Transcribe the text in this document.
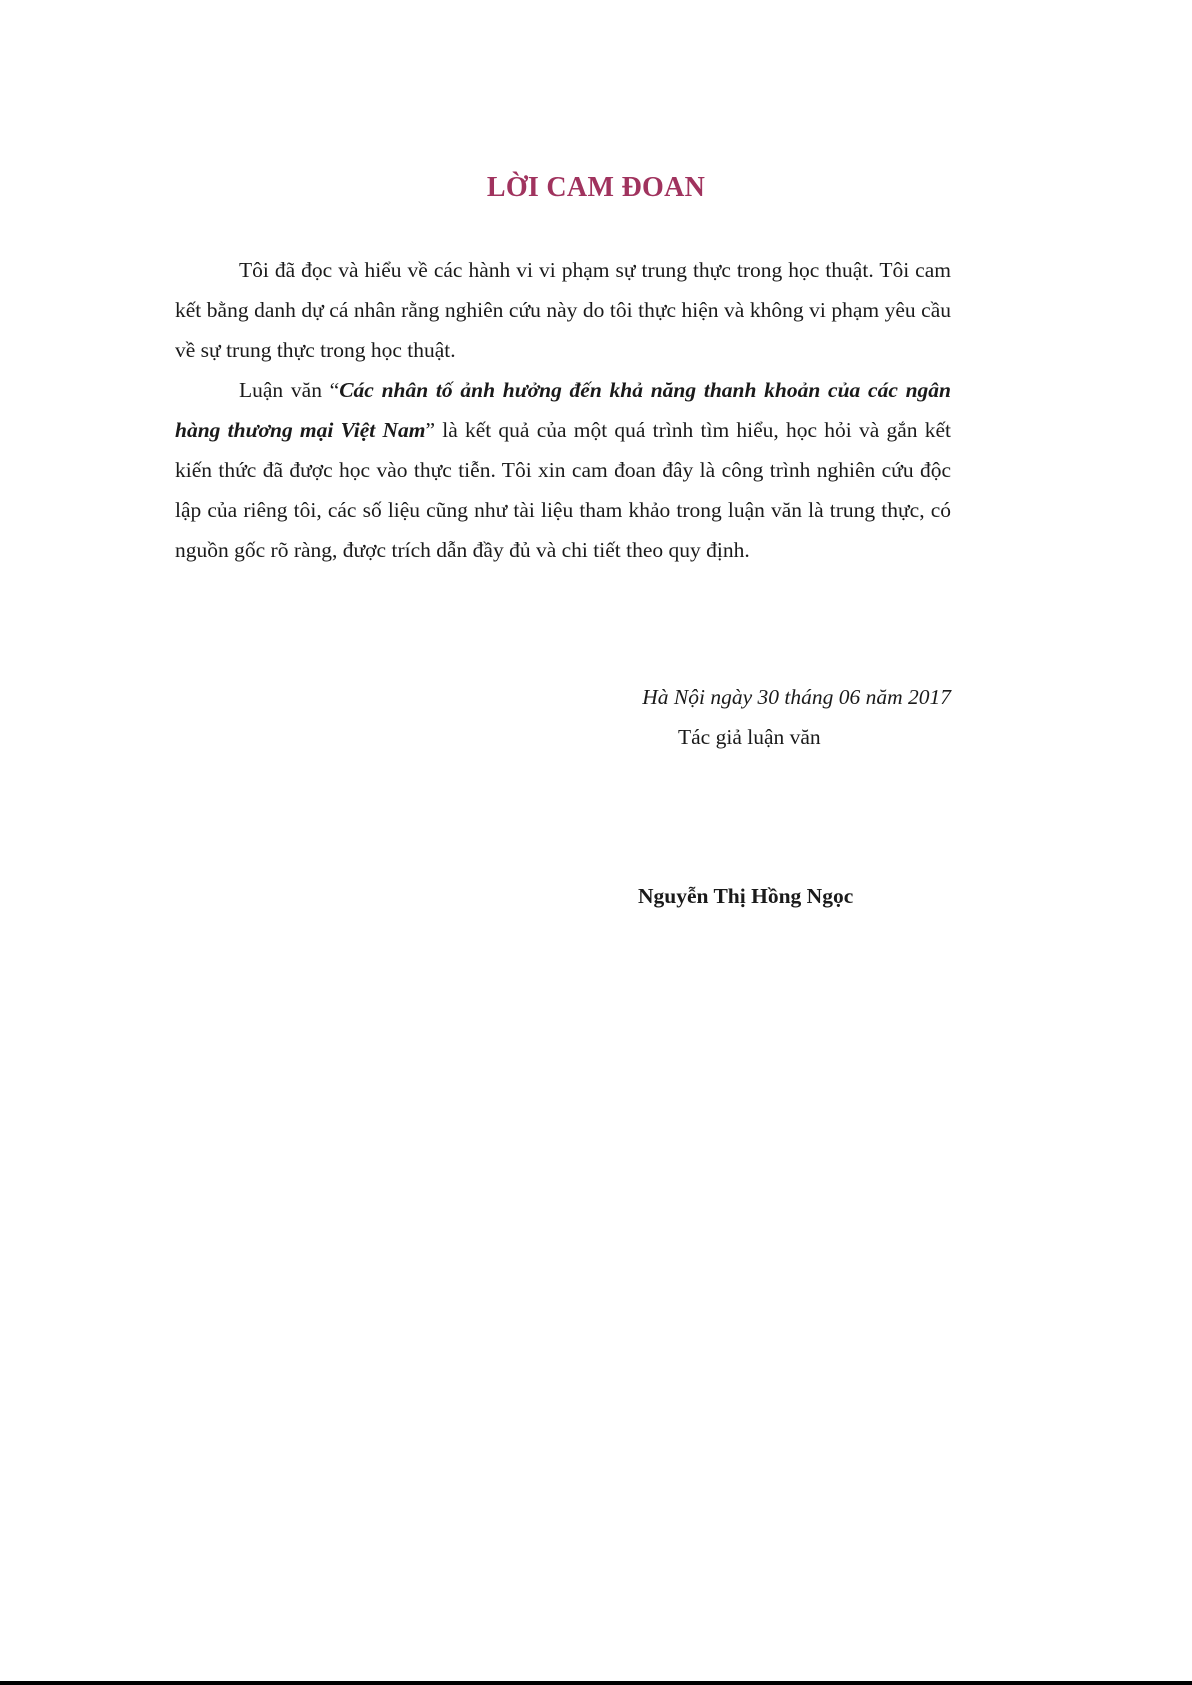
LỜI CAM ĐOAN

Tôi đã đọc và hiểu về các hành vi vi phạm sự trung thực trong học thuật. Tôi cam kết bằng danh dự cá nhân rằng nghiên cứu này do tôi thực hiện và không vi phạm yêu cầu về sự trung thực trong học thuật.

Luận văn “Các nhân tố ảnh hưởng đến khả năng thanh khoản của các ngân hàng thương mại Việt Nam” là kết quả của một quá trình tìm hiểu, học hỏi và gắn kết kiến thức đã được học vào thực tiễn. Tôi xin cam đoan đây là công trình nghiên cứu độc lập của riêng tôi, các số liệu cũng như tài liệu tham khảo trong luận văn là trung thực, có nguồn gốc rõ ràng, được trích dẫn đầy đủ và chi tiết theo quy định.

Hà Nội ngày 30 tháng 06 năm 2017
Tác giả luận văn
Nguyễn Thị Hồng Ngọc
